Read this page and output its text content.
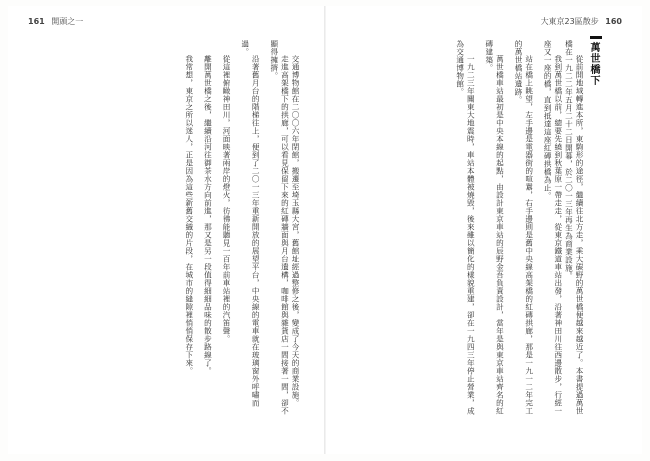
161 開頭之一	大東京23區散步 160
萬世橋下

從前開地域轉進本所，東駒形的途徑，繼續往北方走，乘大碳野的萬世橋便越來越近了。本書提過萬世橋在一九二二年五月二十二日開幕，於二〇一三年再生為商業設施。

我到萬世橋以前，總要先繞到秋葉原一帶走走，從東京鐵道車站出發，沿著神田川往西邊散步，行經一座又一座的橋，直到抵達這座紅磚拱橋為止。

站在橋上眺望，左手邊是電器街的喧囂，右手邊則是舊中央線高架橋的紅磚拱廊，那是一九一二年完工的萬世橋站遺跡。

萬世橋車站最初是中央本線的起點，由設計東京車站的辰野金吾負責設計，當年是與東京車站齊名的紅磚建築。

一九二三年關東大地震時，車站本體被燒毀，後來雖以簡化的樣貌重建，卻在一九四三年停止營業，成為交通博物館。

交通博物館在二〇〇六年閉館，搬遷至埼玉縣大宮，舊館址經過整修之後，變成了今天的商業設施。

走進高架橋下的拱廊，可以看見保留下來的紅磚牆面與月台遺構，咖啡館與雜貨店一間接著一間，卻不顯得擁擠。

沿著舊月台的階梯往上，便到了二〇一三年重新開放的展望平台，中央線的電車就在玻璃窗外呼嘯而過。

從這裡俯瞰神田川，河面映著兩岸的燈火，彷彿能聽見一百年前車站裡的汽笛聲。

離開萬世橋之後，繼續沿河往御茶水方向前進，那又是另一段值得細細品味的散步路線了。

我常想，東京之所以迷人，正是因為這些新舊交織的片段，在城市的縫隙裡悄悄保存下來。
